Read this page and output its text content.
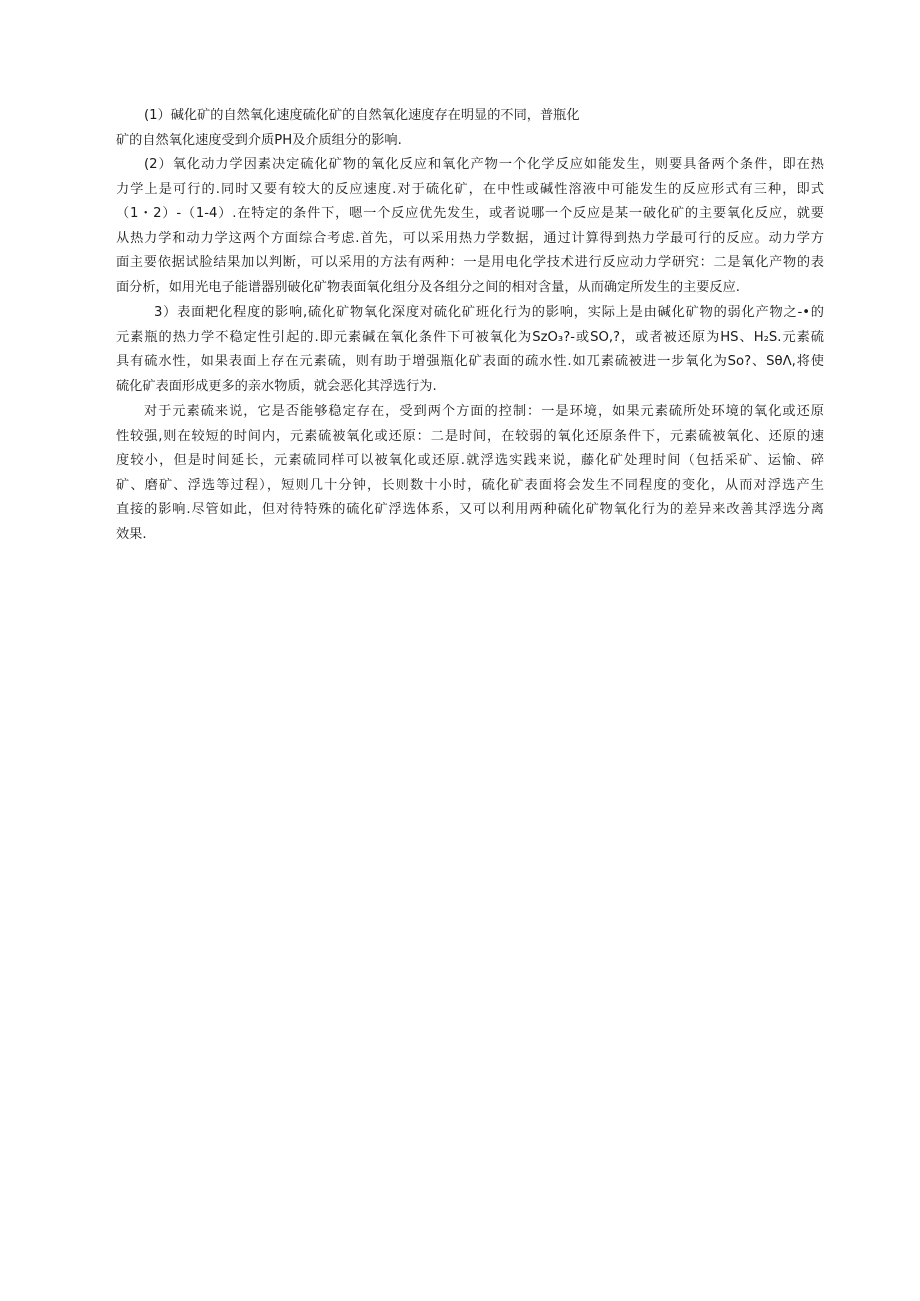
(1）碱化矿的自然氧化速度硫化矿的自然氧化速度存在明显的不同，普瓶化
矿的自然氧化速度受到介质PH及介质组分的影响.
(2）氧化动力学因素决定硫化矿物的氧化反应和氧化产物一个化学反应如能发生，则要具备两个条件，即在热
力学上是可行的.同时又要有较大的反应速度.对于硫化矿，在中性或碱性溶液中可能发生的反应形式有三种，即式
（1・2）-（1-4）.在特定的条件下，嗯一个反应优先发生，或者说哪一个反应是某一破化矿的主要氧化反应，就要
从热力学和动力学这两个方面综合考虑.首先，可以采用热力学数据，通过计算得到热力学最可行的反应。动力学方
面主要依据试脸结果加以判断，可以采用的方法有两种：一是用电化学技术进行反应动力学研究：二是氧化产物的表
面分析，如用光电子能谱器别破化矿物表面氧化组分及各组分之间的相对含量，从而确定所发生的主要反应.
3）表面耙化程度的影响,硫化矿物氧化深度对硫化矿班化行为的影响，实际上是由碱化矿物的弱化产物之-•的
元素瓶的热力学不稳定性引起的.即元素碱在氧化条件下可被氧化为SzO₃?-或SO,?，或者被还原为HS、H₂S.元素硫
具有硫水性，如果表面上存在元素硫，则有助于增强瓶化矿表面的疏水性.如兀素硫被进一步氧化为So?、SθΛ,将使
硫化矿表面形成更多的亲水物质，就会恶化其浮选行为.
对于元素硫来说，它是否能够稳定存在，受到两个方面的控制：一是环境，如果元素硫所处环境的氧化或还原
性较强,则在较短的时间内，元素硫被氧化或还原：二是时间，在较弱的氧化还原条件下，元素硫被氧化、还原的速
度较小，但是时间延长，元素硫同样可以被氧化或还原.就浮选实践来说，藤化矿处理时间（包括采矿、运愉、碎
矿、磨矿、浮选等过程），短则几十分钟，长则数十小时，硫化矿表面将会发生不同程度的变化，从而对浮选产生
直接的影响.尽管如此，但对待特殊的硫化矿浮选体系，又可以利用两种硫化矿物氧化行为的差异来改善其浮选分离
效果.
